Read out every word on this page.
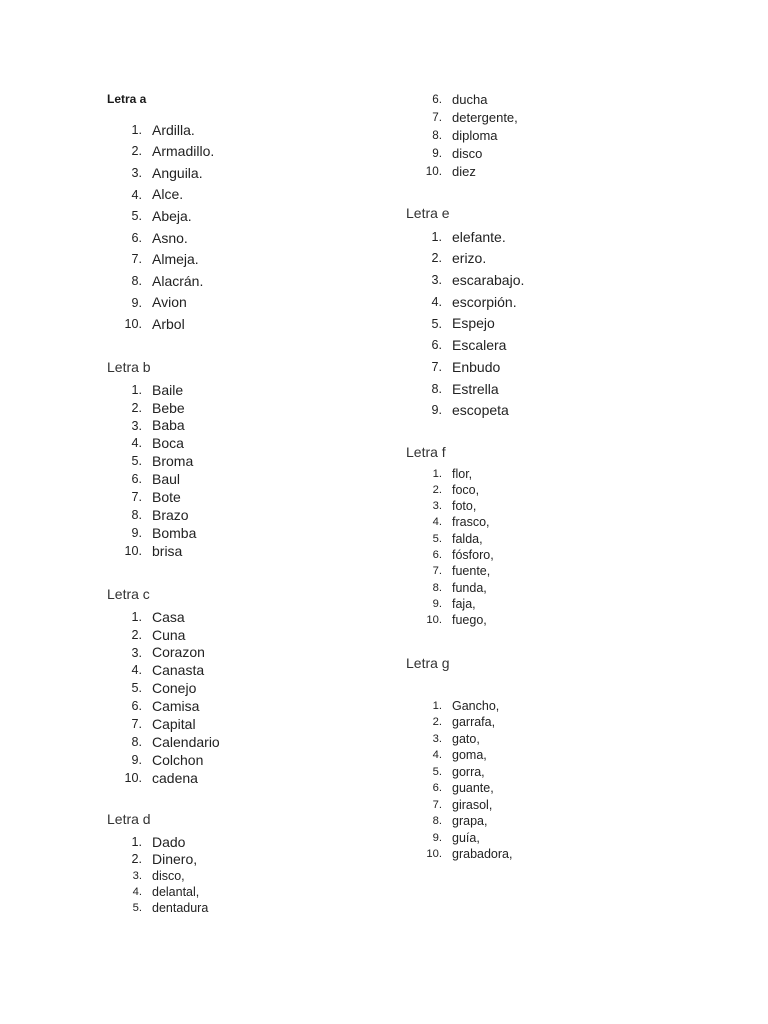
Letra a
1. Ardilla.
2. Armadillo.
3. Anguila.
4. Alce.
5. Abeja.
6. Asno.
7. Almeja.
8. Alacrán.
9. Avion
10. Arbol
Letra b
1. Baile
2. Bebe
3. Baba
4. Boca
5. Broma
6. Baul
7. Bote
8. Brazo
9. Bomba
10. brisa
Letra c
1. Casa
2. Cuna
3. Corazon
4. Canasta
5. Conejo
6. Camisa
7. Capital
8. Calendario
9. Colchon
10. cadena
Letra d
1. Dado
2. Dinero,
3. disco,
4. delantal,
5. dentadura
6. ducha
7. detergente,
8. diploma
9. disco
10. diez
Letra e
1. elefante.
2. erizo.
3. escarabajo.
4. escorpión.
5. Espejo
6. Escalera
7. Enbudo
8. Estrella
9. escopeta
Letra f
1. flor,
2. foco,
3. foto,
4. frasco,
5. falda,
6. fósforo,
7. fuente,
8. funda,
9. faja,
10. fuego,
Letra g
1. Gancho,
2. garrafa,
3. gato,
4. goma,
5. gorra,
6. guante,
7. girasol,
8. grapa,
9. guía,
10. grabadora,
